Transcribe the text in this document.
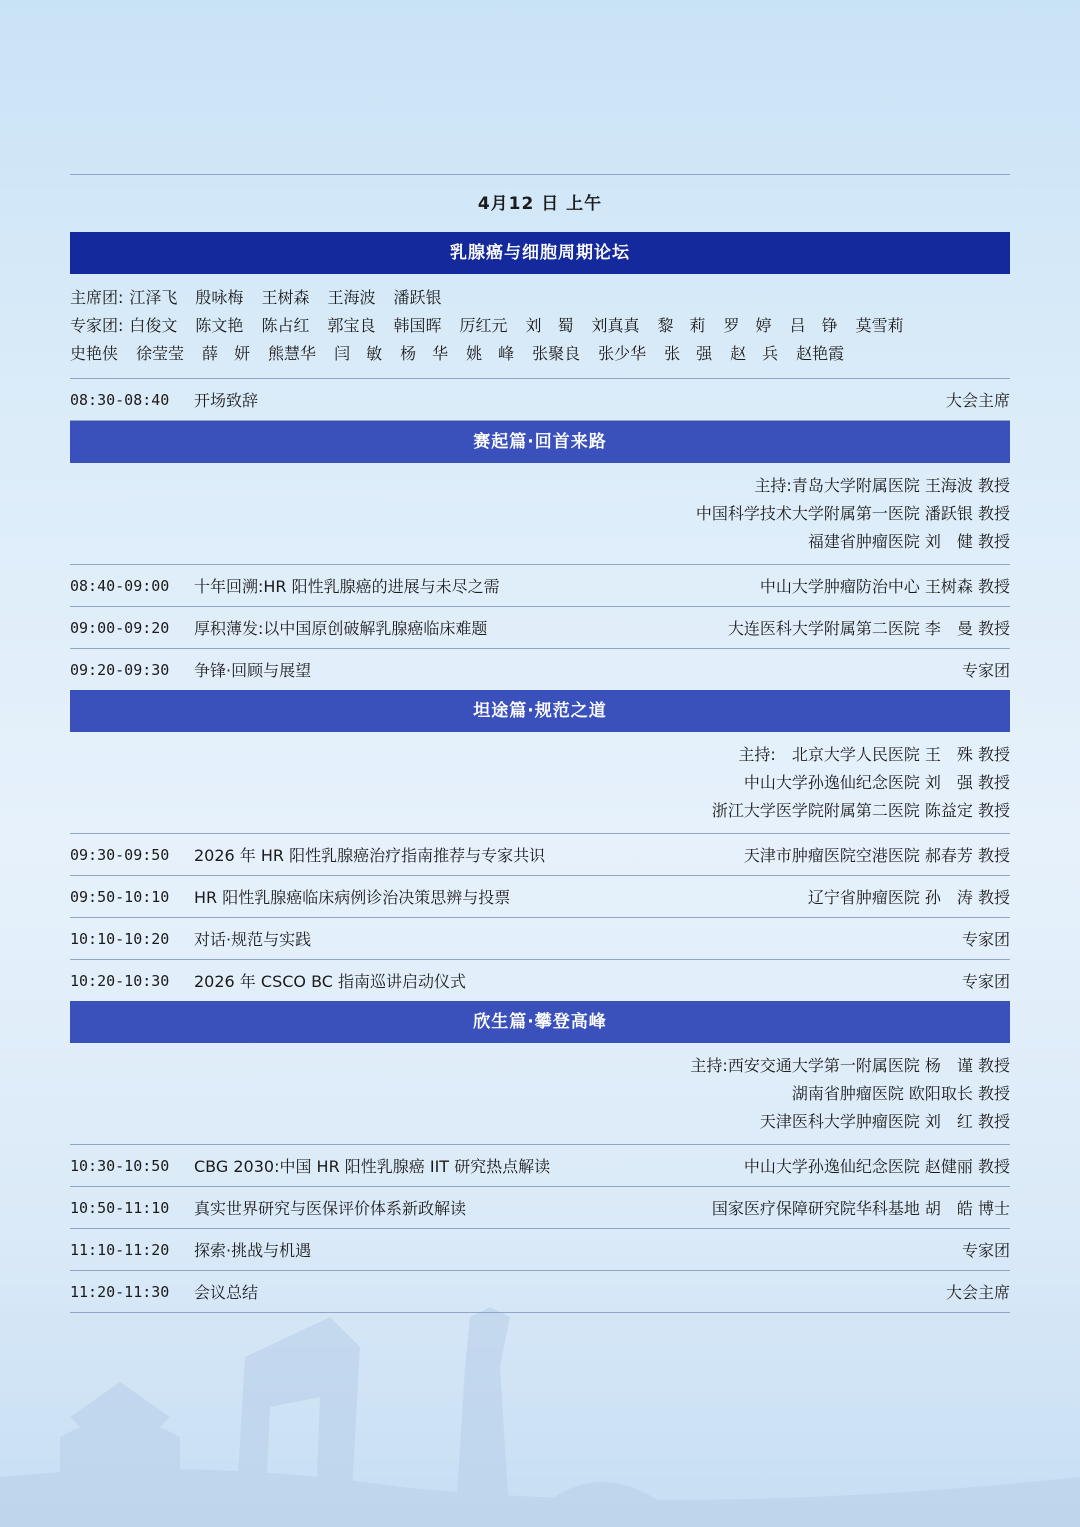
4月12 日 上午
乳腺癌与细胞周期论坛
主席团: 江泽飞 殷咏梅 王树森 王海波 潘跃银
专家团: 白俊文 陈文艳 陈占红 郭宝良 韩国晖 厉红元 刘　蜀 刘真真 黎　莉 罗　婷 吕　铮 莫雪莉
史艳侠 徐莹莹 薛　妍 熊慧华 闫　敏 杨　华 姚　峰 张聚良 张少华 张　强 赵　兵 赵艳霞
08:30-08:40	开场致辞	大会主席
赛起篇·回首来路
主持:青岛大学附属医院 王海波 教授
中国科学技术大学附属第一医院 潘跃银 教授
福建省肿瘤医院 刘　健 教授
08:40-09:00	十年回溯:HR 阳性乳腺癌的进展与未尽之需	中山大学肿瘤防治中心 王树森 教授
09:00-09:20	厚积薄发:以中国原创破解乳腺癌临床难题	大连医科大学附属第二医院 李　曼 教授
09:20-09:30	争锋·回顾与展望	专家团
坦途篇·规范之道
主持:　北京大学人民医院 王　殊 教授
中山大学孙逸仙纪念医院 刘　强 教授
浙江大学医学院附属第二医院 陈益定 教授
09:30-09:50	2026 年 HR 阳性乳腺癌治疗指南推荐与专家共识	天津市肿瘤医院空港医院 郝春芳 教授
09:50-10:10	HR 阳性乳腺癌临床病例诊治决策思辨与投票	辽宁省肿瘤医院 孙　涛 教授
10:10-10:20	对话·规范与实践	专家团
10:20-10:30	2026 年 CSCO BC 指南巡讲启动仪式	专家团
欣生篇·攀登高峰
主持:西安交通大学第一附属医院 杨　谨 教授
湖南省肿瘤医院 欧阳取长 教授
天津医科大学肿瘤医院 刘　红 教授
10:30-10:50	CBG 2030:中国 HR 阳性乳腺癌 IIT 研究热点解读	中山大学孙逸仙纪念医院 赵健丽 教授
10:50-11:10	真实世界研究与医保评价体系新政解读	国家医疗保障研究院华科基地 胡　皓 博士
11:10-11:20	探索·挑战与机遇	专家团
11:20-11:30	会议总结	大会主席
